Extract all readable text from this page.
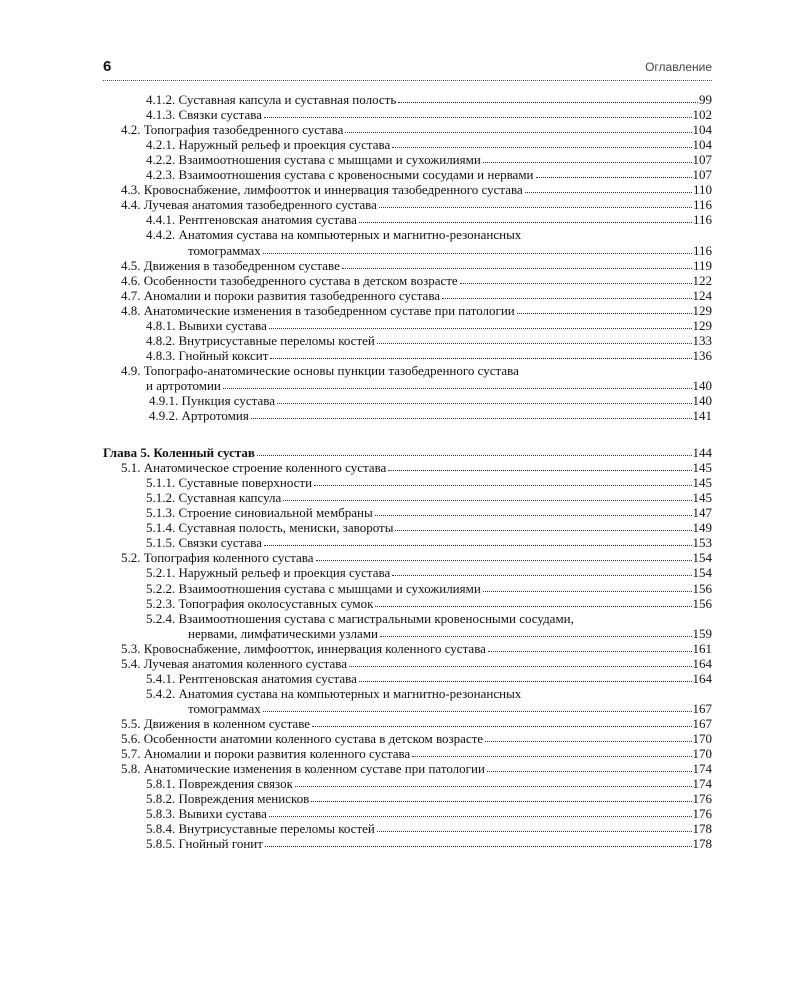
6	Оглавление
4.1.2. Суставная капсула и суставная полость	99
4.1.3. Связки сустава	102
4.2. Топография тазобедренного сустава	104
4.2.1. Наружный рельеф и проекция сустава	104
4.2.2. Взаимоотношения сустава с мышцами и сухожилиями	107
4.2.3. Взаимоотношения сустава с кровеносными сосудами и нервами	107
4.3. Кровоснабжение, лимфоотток и иннервация тазобедренного сустава	110
4.4. Лучевая анатомия тазобедренного сустава	116
4.4.1. Рентгеновская анатомия сустава	116
4.4.2. Анатомия сустава на компьютерных и магнитно-резонансных
томограммах	116
4.5. Движения в тазобедренном суставе	119
4.6. Особенности тазобедренного сустава в детском возрасте	122
4.7. Аномалии и пороки развития тазобедренного сустава	124
4.8. Анатомические изменения в тазобедренном суставе при патологии	129
4.8.1. Вывихи сустава	129
4.8.2. Внутрисуставные переломы костей	133
4.8.3. Гнойный коксит	136
4.9. Топографо-анатомические основы пункции тазобедренного сустава
и артротомии	140
4.9.1. Пункция сустава	140
4.9.2. Артротомия	141
Глава 5. Коленный сустав	144
5.1. Анатомическое строение коленного сустава	145
5.1.1. Суставные поверхности	145
5.1.2. Суставная капсула	145
5.1.3. Строение синовиальной мембраны	147
5.1.4. Суставная полость, мениски, завороты	149
5.1.5. Связки сустава	153
5.2. Топография коленного сустава	154
5.2.1. Наружный рельеф и проекция сустава	154
5.2.2. Взаимоотношения сустава с мышцами и сухожилиями	156
5.2.3. Топография околосуставных сумок	156
5.2.4. Взаимоотношения сустава с магистральными кровеносными сосудами,
нервами, лимфатическими узлами	159
5.3. Кровоснабжение, лимфоотток, иннервация коленного сустава	161
5.4. Лучевая анатомия коленного сустава	164
5.4.1. Рентгеновская анатомия сустава	164
5.4.2. Анатомия сустава на компьютерных и магнитно-резонансных
томограммах	167
5.5. Движения в коленном суставе	167
5.6. Особенности анатомии коленного сустава в детском возрасте	170
5.7. Аномалии и пороки развития коленного сустава	170
5.8. Анатомические изменения в коленном суставе при патологии	174
5.8.1. Повреждения связок	174
5.8.2. Повреждения менисков	176
5.8.3. Вывихи сустава	176
5.8.4. Внутрисуставные переломы костей	178
5.8.5. Гнойный гонит	178
